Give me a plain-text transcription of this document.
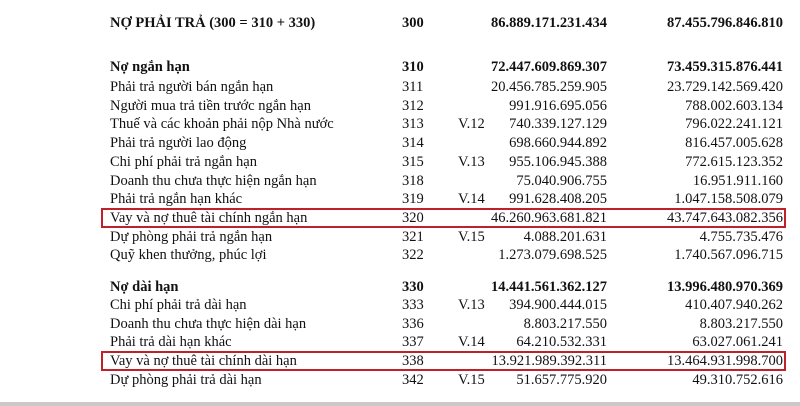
NỢ PHẢI TRẢ (300 = 310 + 330)	300	86.889.171.231.434	87.455.796.846.810
Nợ ngắn hạn	310	72.447.609.869.307	73.459.315.876.441
Phải trả người bán ngắn hạn	311	20.456.785.259.905	23.729.142.569.420
Người mua trả tiền trước ngắn hạn	312	991.916.695.056	788.002.603.134
Thuế và các khoản phải nộp Nhà nước	313 V.12 740.339.127.129	796.022.241.121
Phải trả người lao động	314	698.660.944.892	816.457.005.628
Chi phí phải trả ngắn hạn	315 V.13 955.106.945.388	772.615.123.352
Doanh thu chưa thực hiện ngắn hạn	318	75.040.906.755	16.951.911.160
Phải trả ngắn hạn khác	319 V.14 991.628.408.205	1.047.158.508.079
Vay và nợ thuê tài chính ngắn hạn	320	46.260.963.681.821	43.747.643.082.356
Dự phòng phải trả ngắn hạn	321 V.15	4.088.201.631	4.755.735.476
Quỹ khen thưởng, phúc lợi	322	1.273.079.698.525	1.740.567.096.715
Nợ dài hạn	330	14.441.561.362.127	13.996.480.970.369
Chi phí phải trả dài hạn	333 V.13 394.900.444.015	410.407.940.262
Doanh thu chưa thực hiện dài hạn	336	8.803.217.550	8.803.217.550
Phải trả dài hạn khác	337 V.14 64.210.532.331	63.027.061.241
Vay và nợ thuê tài chính dài hạn	338	13.921.989.392.311	13.464.931.998.700
Dự phòng phải trả dài hạn	342 V.15 51.657.775.920	49.310.752.616
